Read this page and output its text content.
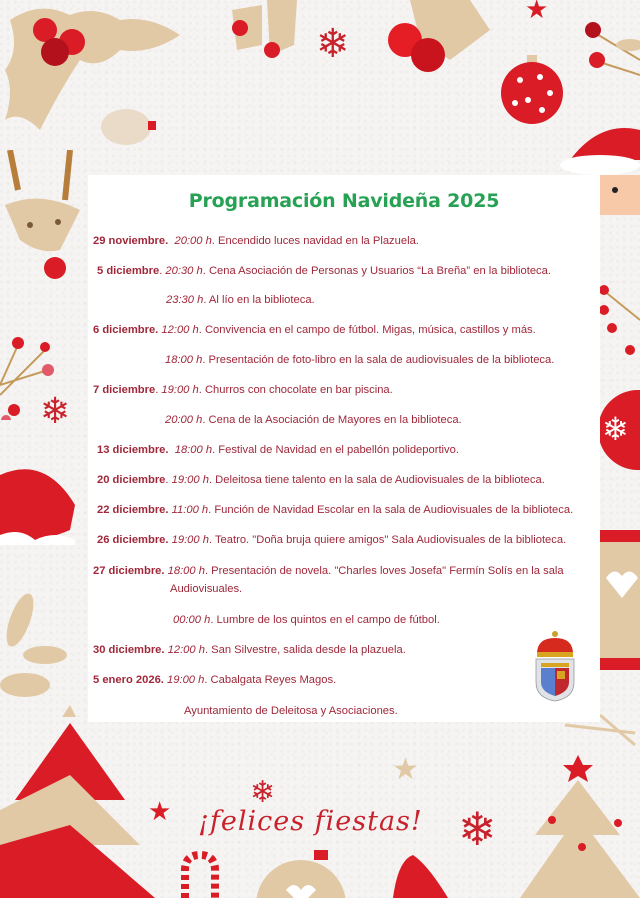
❄
★
❄	❄
★
❄
★	❄
Programación Navideña 2025
29 noviembre. 20:00 h. Encendido luces navidad en la Plazuela.
5 diciembre. 20:30 h. Cena Asociación de Personas y Usuarios “La Breña” en la biblioteca.
23:30 h. Al lío en la biblioteca.
6 diciembre. 12:00 h. Convivencia en el campo de fútbol. Migas, música, castillos y más.
18:00 h. Presentación de foto-libro en la sala de audiovisuales de la biblioteca.
7 diciembre. 19:00 h. Churros con chocolate en bar piscina.
20:00 h. Cena de la Asociación de Mayores en la biblioteca.
13 diciembre. 18:00 h. Festival de Navidad en el pabellón polideportivo.
20 diciembre. 19:00 h. Deleitosa tiene talento en la sala de Audiovisuales de la biblioteca.
22 diciembre. 11:00 h. Función de Navidad Escolar en la sala de Audiovisuales de la biblioteca.
26 diciembre. 19:00 h. Teatro. "Doña bruja quiere amigos" Sala Audiovisuales de la biblioteca.
27 diciembre. 18:00 h. Presentación de novela. "Charles loves Josefa" Fermín Solís en la sala
Audiovisuales.
00:00 h. Lumbre de los quintos en el campo de fútbol.
30 diciembre. 12:00 h. San Silvestre, salida desde la plazuela.
5 enero 2026. 19:00 h. Cabalgata Reyes Magos.
Ayuntamiento de Deleitosa y Asociaciones.
¡felices fiestas!
